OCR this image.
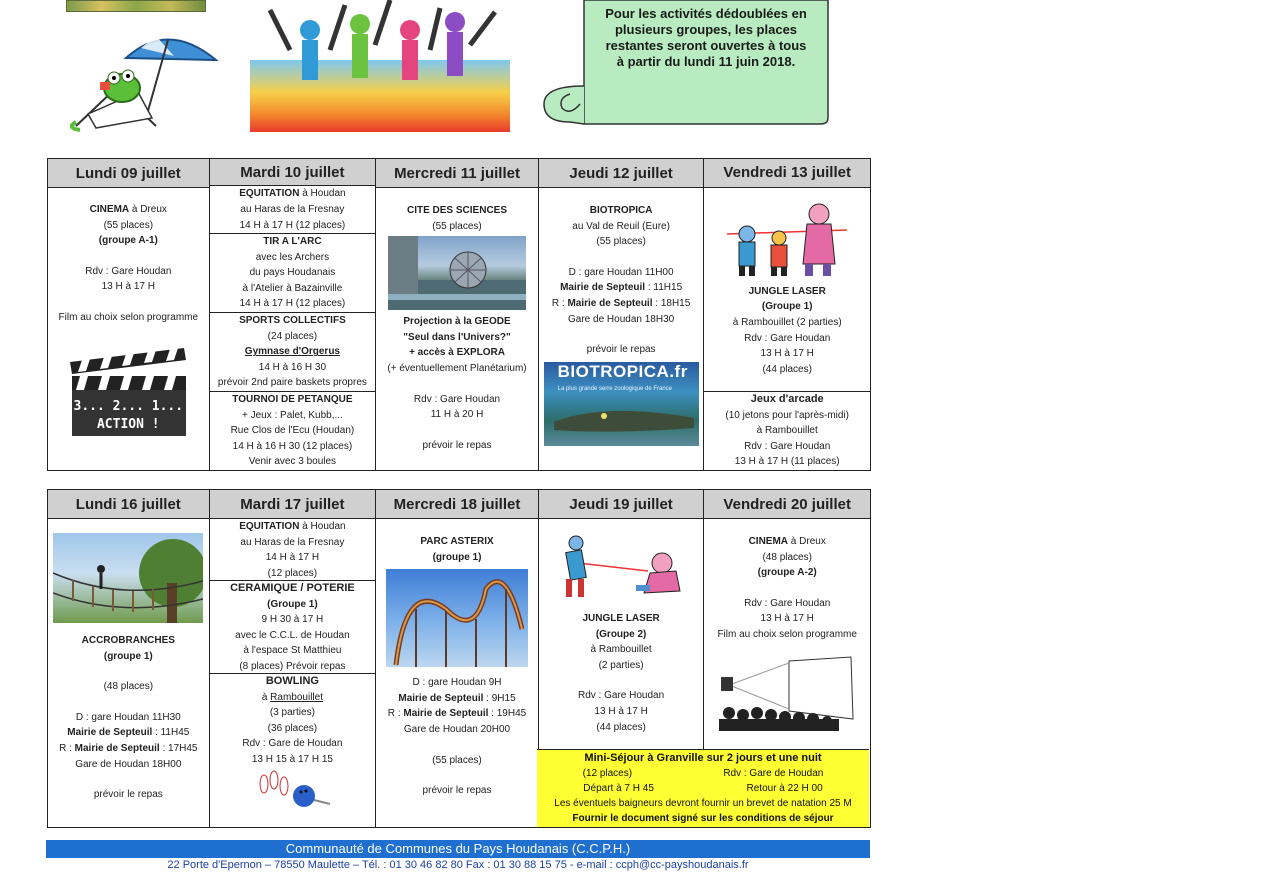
Pour les activités dédoublées en
plusieurs groupes, les places
restantes seront ouvertes à tous
à partir du lundi 11 juin 2018.
Lundi 09 juillet
CINEMA à Dreux
(55 places)
(groupe A-1)
Rdv : Gare Houdan
13 H à 17 H
Film au choix selon programme
3... 2... 1...
ACTION !
Mardi 10 juillet
EQUITATION à Houdan
au Haras de la Fresnay
14 H à 17 H (12 places)
TIR A L'ARC
avec les Archers
du pays Houdanais
à l'Atelier à Bazainville
14 H à 17 H (12 places)
SPORTS COLLECTIFS
(24 places)
Gymnase d'Orgerus
14 H à 16 H 30
prévoir 2nd paire baskets propres
TOURNOI DE PETANQUE
+ Jeux : Palet, Kubb,...
Rue Clos de l'Ecu (Houdan)
14 H à 16 H 30 (12 places)
Venir avec 3 boules
Mercredi 11 juillet
CITE DES SCIENCES
(55 places)
Projection à la GEODE
"Seul dans l'Univers?"
+ accès à EXPLORA
(+ éventuellement Planétarium)
Rdv : Gare Houdan
11 H à 20 H
prévoir le repas
Jeudi 12 juillet
BIOTROPICA
au Val de Reuil (Eure)
(55 places)
D : gare Houdan 11H00
Mairie de Septeuil : 11H15
R : Mairie de Septeuil : 18H15
Gare de Houdan 18H30
prévoir le repas
BIOTROPICA.fr
La plus grande serre zoologique de France
Vendredi 13 juillet
JUNGLE LASER
(Groupe 1)
à Rambouillet (2 parties)
Rdv : Gare Houdan
13 H à 17 H
(44 places)
Jeux d'arcade
(10 jetons pour l'après-midi)
à Rambouillet
Rdv : Gare Houdan
13 H à 17 H (11 places)
Lundi 16 juillet
ACCROBRANCHES
(groupe 1)
(48 places)
D : gare Houdan 11H30
Mairie de Septeuil : 11H45
R : Mairie de Septeuil : 17H45
Gare de Houdan 18H00
prévoir le repas
Mardi 17 juillet
EQUITATION à Houdan
au Haras de la Fresnay
14 H à 17 H
(12 places)
CERAMIQUE / POTERIE
(Groupe 1)
9 H 30 à 17 H
avec le C.C.L. de Houdan
à l'espace St Matthieu
(8 places) Prévoir repas
BOWLING
à Rambouillet
(3 parties)
(36 places)
Rdv : Gare de Houdan
13 H 15 à 17 H 15
Mercredi 18 juillet
PARC ASTERIX
(groupe 1)
D : gare Houdan 9H
Mairie de Septeuil : 9H15
R : Mairie de Septeuil : 19H45
Gare de Houdan 20H00
(55 places)
prévoir le repas
Jeudi 19 juillet
JUNGLE LASER
(Groupe 2)
à Rambouillet
(2 parties)
Rdv : Gare Houdan
13 H à 17 H
(44 places)
Vendredi 20 juillet
CINEMA à Dreux
(48 places)
(groupe A-2)
Rdv : Gare Houdan
13 H à 17 H
Film au choix selon programme
Mini-Séjour à Granville sur 2 jours et une nuit
(12 places)	Rdv : Gare de Houdan
Départ à 7 H 45	Retour à 22 H 00
Les éventuels baigneurs devront fournir un brevet de natation 25 M
Fournir le document signé sur les conditions de séjour
Communauté de Communes du Pays Houdanais (C.C.P.H.)
22 Porte d'Epernon – 78550 Maulette – Tél. : 01 30 46 82 80 Fax : 01 30 88 15 75 - e-mail : ccph@cc-payshoudanais.fr
